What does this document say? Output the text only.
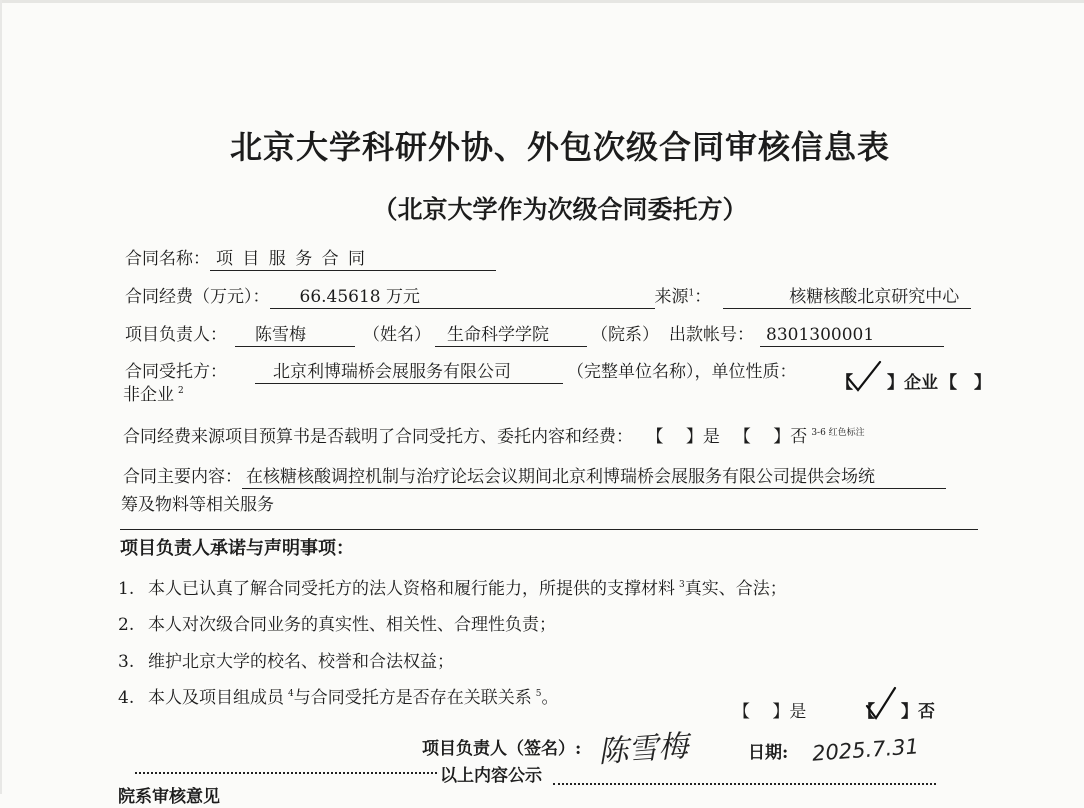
北京大学科研外协、外包次级合同审核信息表
（北京大学作为次级合同委托方）
合同名称： 项 目 服 务 合 同
合同经费（万元）： 66.45618 万元	来源$^1$：	核糖核酸北京研究中心
项目负责人： 陈雪梅	（姓名） 生命科学学院 （院系） 出款帐号： 8301300001
合同受托方：	北京利博瑞桥会展服务有限公司	（完整单位名称），单位性质：
【 】企业 【　】
非企业 $^2$
合同经费来源项目预算书是否载明了合同受托方、委托内容和经费： 【　 】是 【　 】否 $^{3-6 红色标注}$
合同主要内容： 在核糖核酸调控机制与治疗论坛会议期间北京利博瑞桥会展服务有限公司提供会场统
筹及物料等相关服务
项目负责人承诺与声明事项：
1. 本人已认真了解合同受托方的法人资格和履行能力，所提供的支撑材料 $^3$真实、合法；
2. 本人对次级合同业务的真实性、相关性、合理性负责；
3. 维护北京大学的校名、校誉和合法权益；
4. 本人及项目组成员 $^4$与合同受托方是否存在关联关系 $^5$。
【　 】是	【 】否
项目负责人（签名）: 陈雪梅	日期: 2025.7.31
以上内容公示
院系审核意见
